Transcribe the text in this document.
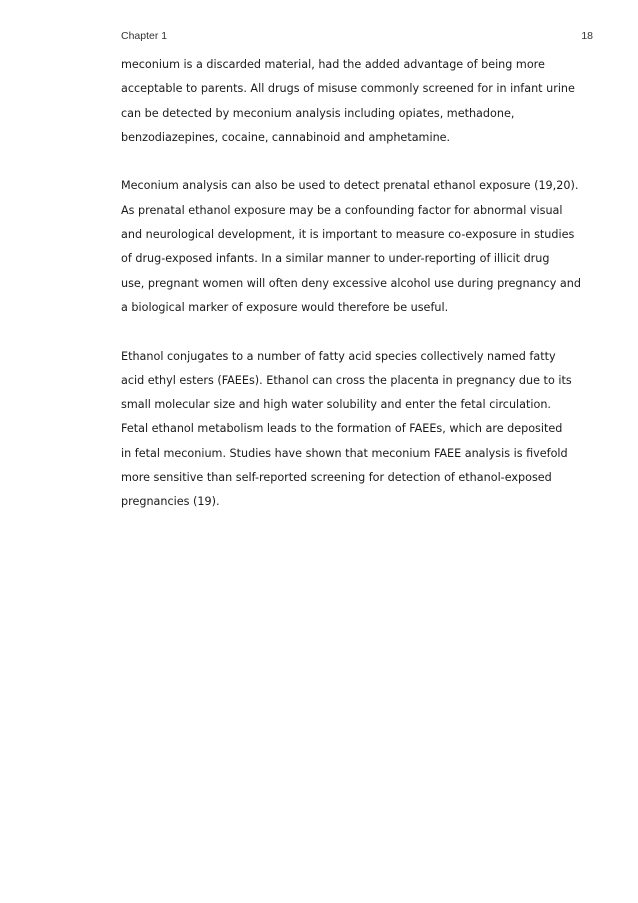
Chapter 1	18

meconium is a discarded material, had the added advantage of being more
acceptable to parents. All drugs of misuse commonly screened for in infant urine
can be detected by meconium analysis including opiates, methadone,
benzodiazepines, cocaine, cannabinoid and amphetamine.

Meconium analysis can also be used to detect prenatal ethanol exposure (19,20).
As prenatal ethanol exposure may be a confounding factor for abnormal visual
and neurological development, it is important to measure co-exposure in studies
of drug-exposed infants. In a similar manner to under-reporting of illicit drug
use, pregnant women will often deny excessive alcohol use during pregnancy and
a biological marker of exposure would therefore be useful.

Ethanol conjugates to a number of fatty acid species collectively named fatty
acid ethyl esters (FAEEs). Ethanol can cross the placenta in pregnancy due to its
small molecular size and high water solubility and enter the fetal circulation.
Fetal ethanol metabolism leads to the formation of FAEEs, which are deposited
in fetal meconium. Studies have shown that meconium FAEE analysis is fivefold
more sensitive than self-reported screening for detection of ethanol-exposed
pregnancies (19).
